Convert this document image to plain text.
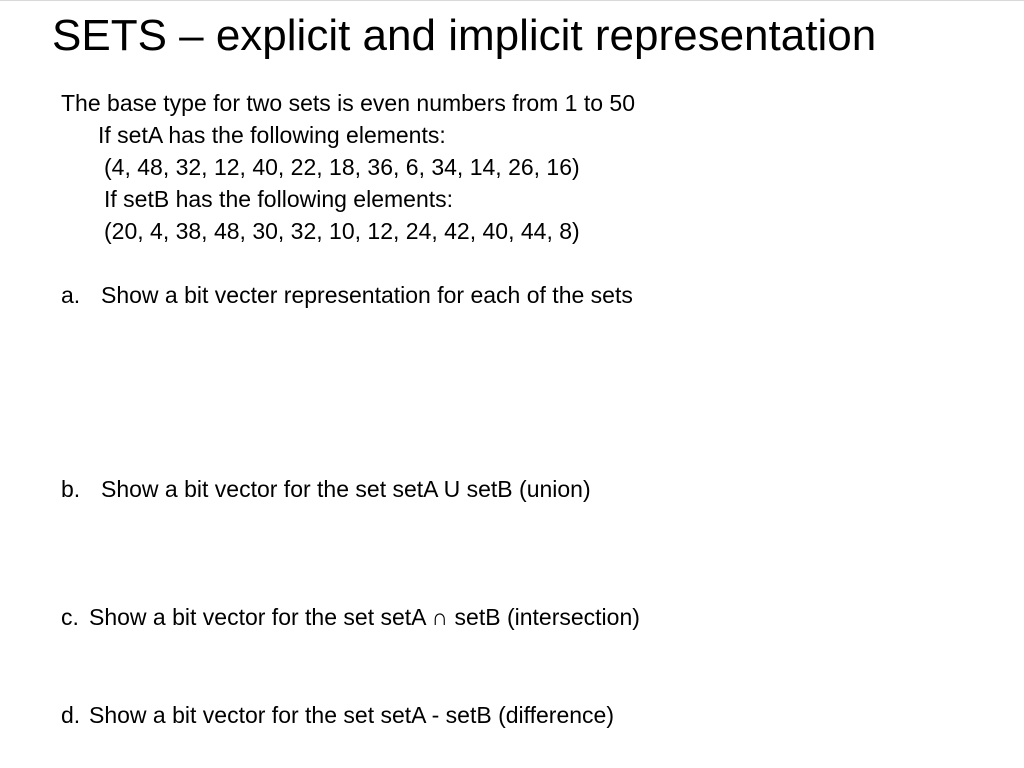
SETS – explicit and implicit representation
The base type for two sets is even numbers from 1 to 50
If setA has the following elements:
(4, 48, 32, 12, 40, 22, 18, 36, 6, 34, 14, 26, 16)
If setB has the following elements:
(20, 4, 38, 48, 30, 32, 10, 12, 24, 42, 40, 44, 8)
a. Show a bit vecter representation for each of the sets
b. Show a bit vector for the set setA U setB (union)
c. Show a bit vector for the set setA ∩ setB (intersection)
d. Show a bit vector for the set setA - setB (difference)
